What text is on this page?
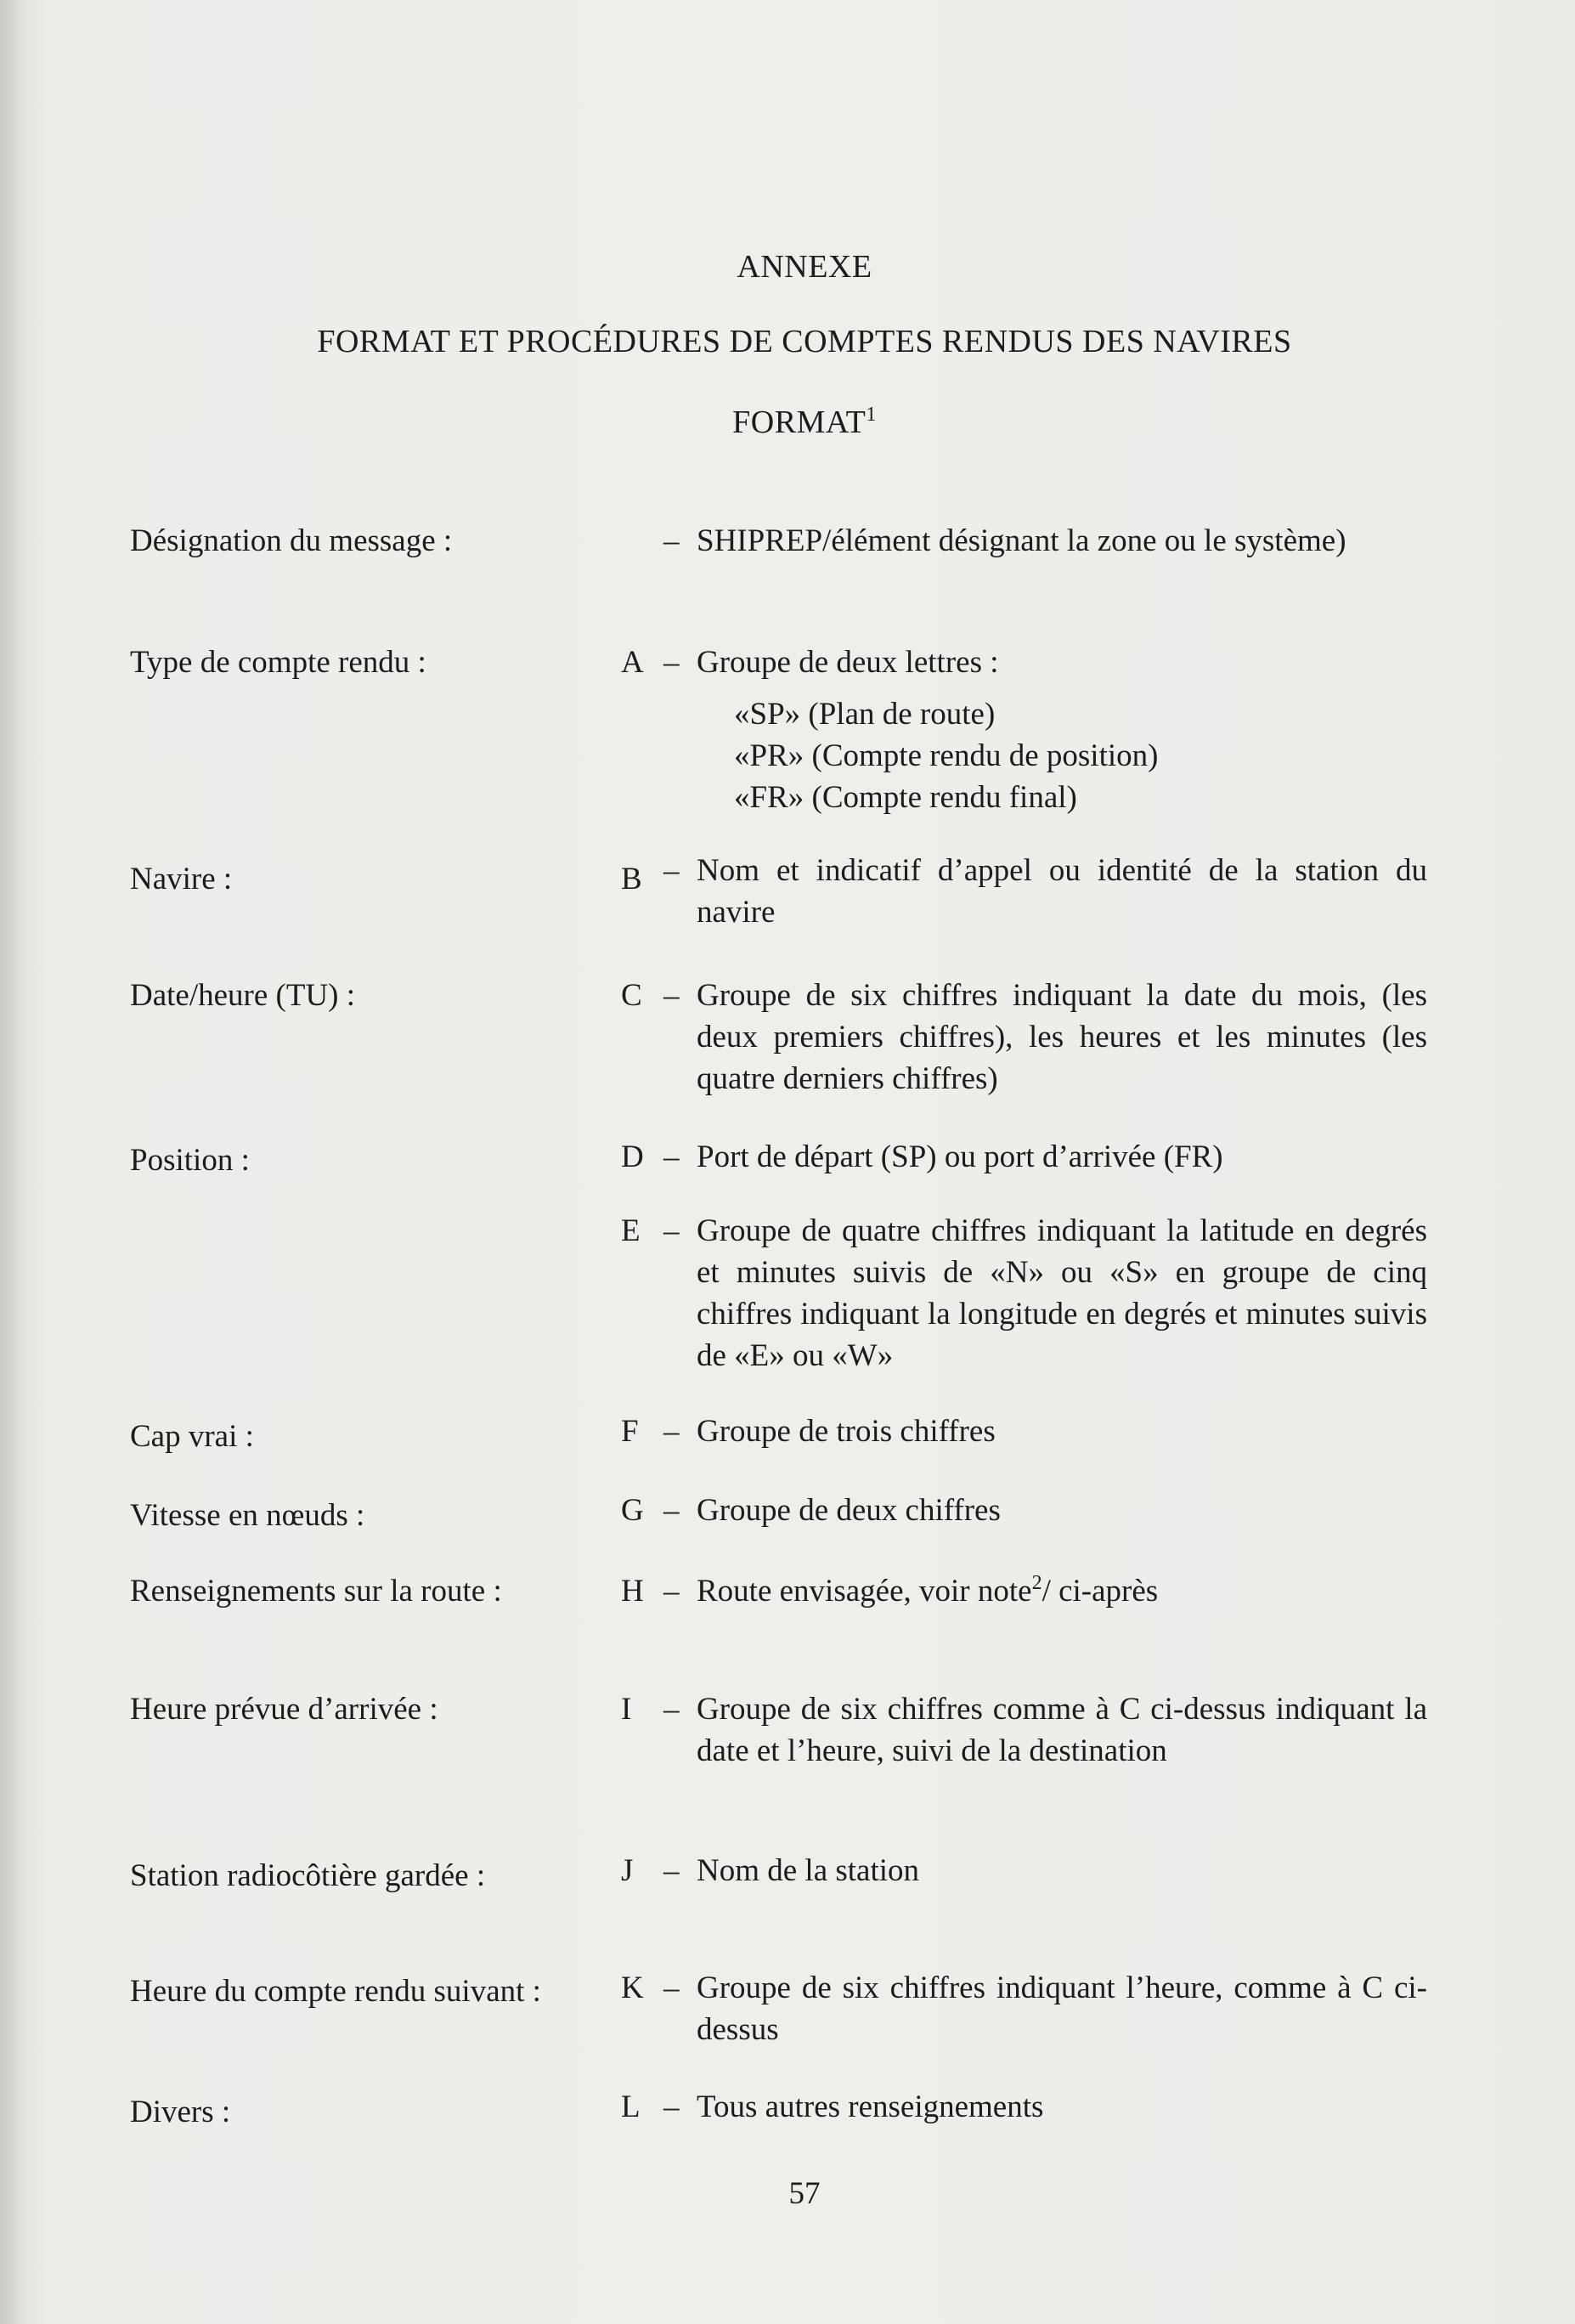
ANNEXE
FORMAT ET PROCÉDURES DE COMPTES RENDUS DES NAVIRES
FORMAT$^1$
Désignation du message :	– SHIPREP/élément désignant la zone ou le système)
Type de compte rendu :	A – Groupe de deux lettres :
«SP» (Plan de route)
«PR» (Compte rendu de position)
«FR» (Compte rendu final)
Navire :	B – Nom et indicatif d’appel ou identité de la station du navire
Date/heure (TU) :	C – Groupe de six chiffres indiquant la date du mois, (les deux premiers chiffres), les heures et les minutes (les quatre derniers chiffres)
Position :	D – Port de départ (SP) ou port d’arrivée (FR)
E – Groupe de quatre chiffres indiquant la latitude en degrés et minutes suivis de «N» ou «S» en groupe de cinq chiffres indiquant la longitude en degrés et minutes suivis de «E» ou «W»
Cap vrai :	F – Groupe de trois chiffres
Vitesse en nœuds :	G – Groupe de deux chiffres
Renseignements sur la route :	H – Route envisagée, voir note$^2$/ ci-après
Heure prévue d’arrivée :	I	– Groupe de six chiffres comme à C ci-dessus indiquant la date et l’heure, suivi de la destination
Station radiocôtière gardée :	J – Nom de la station
Heure du compte rendu suivant :	K – Groupe de six chiffres indiquant l’heure, comme à C ci-dessus
Divers :	L – Tous autres renseignements
57
